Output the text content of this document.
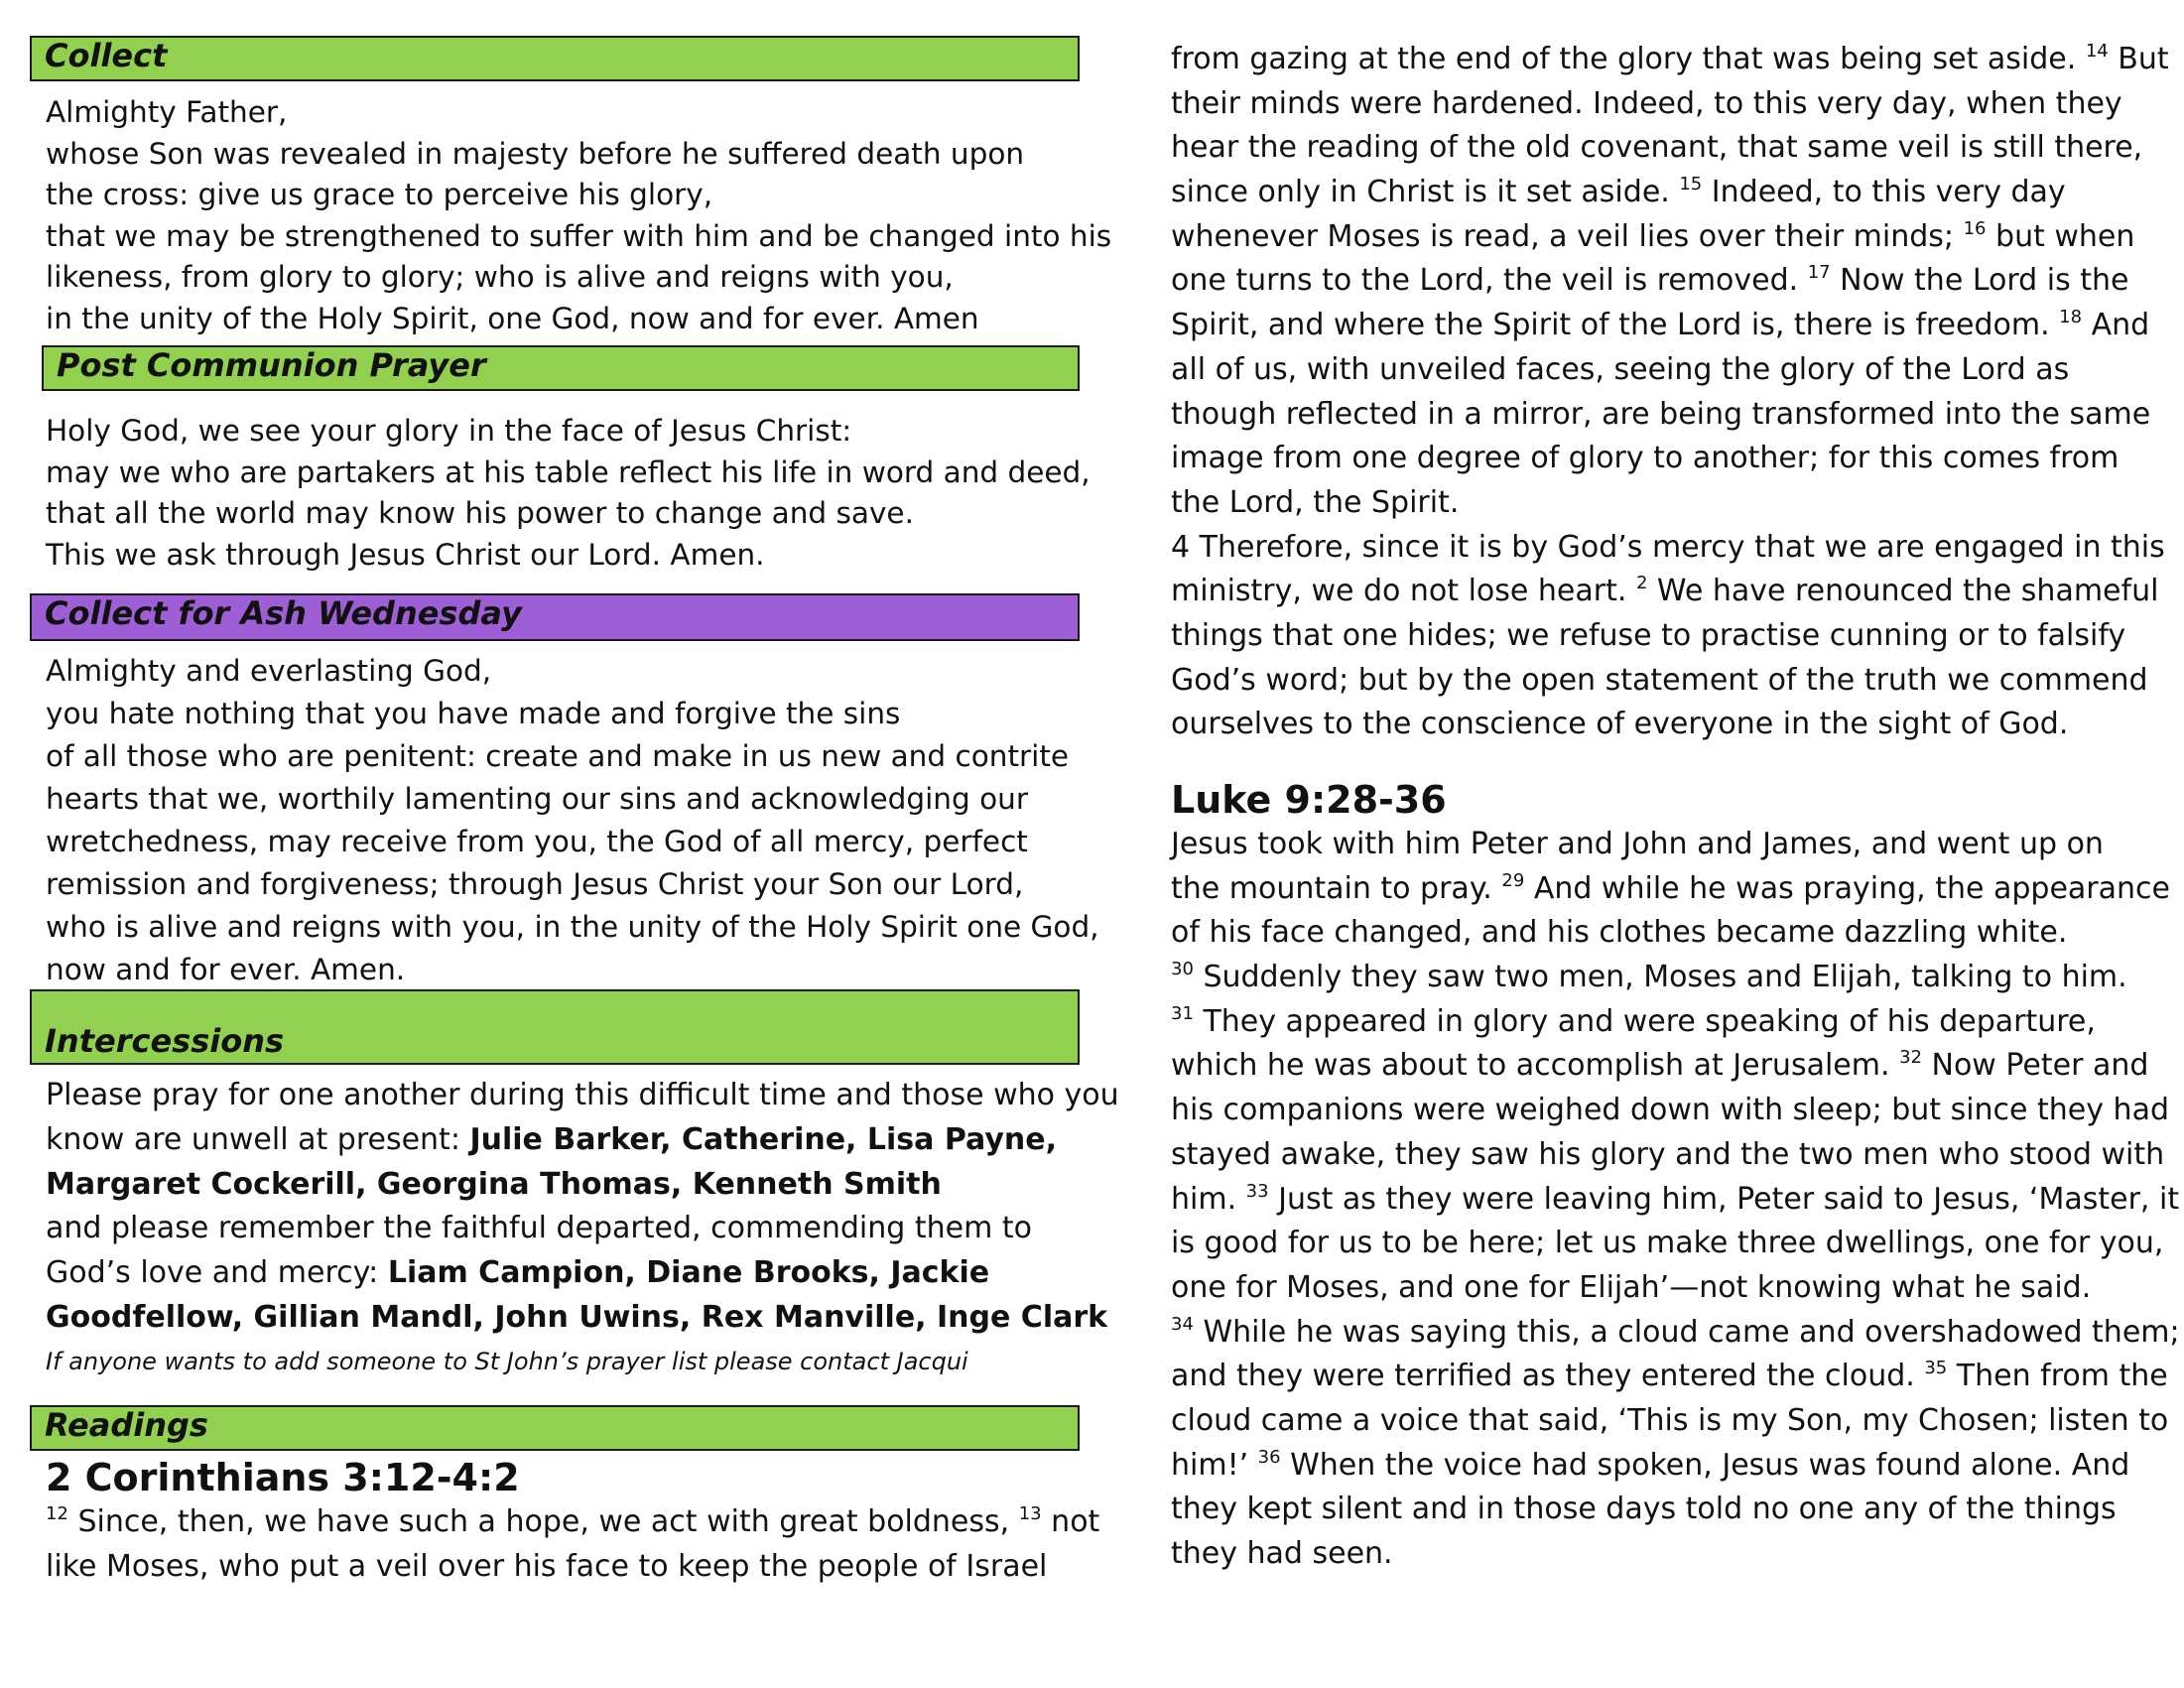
Collect
Almighty Father,
whose Son was revealed in majesty before he suffered death upon
the cross: give us grace to perceive his glory,
that we may be strengthened to suffer with him and be changed into his
likeness, from glory to glory; who is alive and reigns with you,
in the unity of the Holy Spirit, one God, now and for ever. Amen
Post Communion Prayer
Holy God, we see your glory in the face of Jesus Christ:
may we who are partakers at his table reflect his life in word and deed,
that all the world may know his power to change and save.
This we ask through Jesus Christ our Lord. Amen.
Collect for Ash Wednesday
Almighty and everlasting God,
you hate nothing that you have made and forgive the sins
of all those who are penitent: create and make in us new and contrite
hearts that we, worthily lamenting our sins and acknowledging our
wretchedness, may receive from you, the God of all mercy, perfect
remission and forgiveness; through Jesus Christ your Son our Lord,
who is alive and reigns with you, in the unity of the Holy Spirit one God,
now and for ever. Amen.
Intercessions
Please pray for one another during this difficult time and those who you
know are unwell at present: Julie Barker, Catherine, Lisa Payne,
Margaret Cockerill, Georgina Thomas, Kenneth Smith
and please remember the faithful departed, commending them to
God’s love and mercy: Liam Campion, Diane Brooks, Jackie
Goodfellow, Gillian Mandl, John Uwins, Rex Manville, Inge Clark
If anyone wants to add someone to St John’s prayer list please contact Jacqui
Readings
2 Corinthians 3:12-4:2
$^{12}$ Since, then, we have such a hope, we act with great boldness, $^{13}$ not
like Moses, who put a veil over his face to keep the people of Israel
from gazing at the end of the glory that was being set aside. $^{14}$ But
their minds were hardened. Indeed, to this very day, when they
hear the reading of the old covenant, that same veil is still there,
since only in Christ is it set aside. $^{15}$ Indeed, to this very day
whenever Moses is read, a veil lies over their minds; $^{16}$ but when
one turns to the Lord, the veil is removed. $^{17}$ Now the Lord is the
Spirit, and where the Spirit of the Lord is, there is freedom. $^{18}$ And
all of us, with unveiled faces, seeing the glory of the Lord as
though reflected in a mirror, are being transformed into the same
image from one degree of glory to another; for this comes from
the Lord, the Spirit.
4 Therefore, since it is by God’s mercy that we are engaged in this
ministry, we do not lose heart. $^2$ We have renounced the shameful
things that one hides; we refuse to practise cunning or to falsify
God’s word; but by the open statement of the truth we commend
ourselves to the conscience of everyone in the sight of God.
Luke 9:28-36
Jesus took with him Peter and John and James, and went up on
the mountain to pray. $^{29}$ And while he was praying, the appearance
of his face changed, and his clothes became dazzling white.
$^{30}$ Suddenly they saw two men, Moses and Elijah, talking to him.
$^{31}$ They appeared in glory and were speaking of his departure,
which he was about to accomplish at Jerusalem. $^{32}$ Now Peter and
his companions were weighed down with sleep; but since they had
stayed awake, they saw his glory and the two men who stood with
him. $^{33}$ Just as they were leaving him, Peter said to Jesus, ‘Master, it
is good for us to be here; let us make three dwellings, one for you,
one for Moses, and one for Elijah’—not knowing what he said.
$^{34}$ While he was saying this, a cloud came and overshadowed them;
and they were terrified as they entered the cloud. $^{35}$ Then from the
cloud came a voice that said, ‘This is my Son, my Chosen; listen to
him!’ $^{36}$ When the voice had spoken, Jesus was found alone. And
they kept silent and in those days told no one any of the things
they had seen.
